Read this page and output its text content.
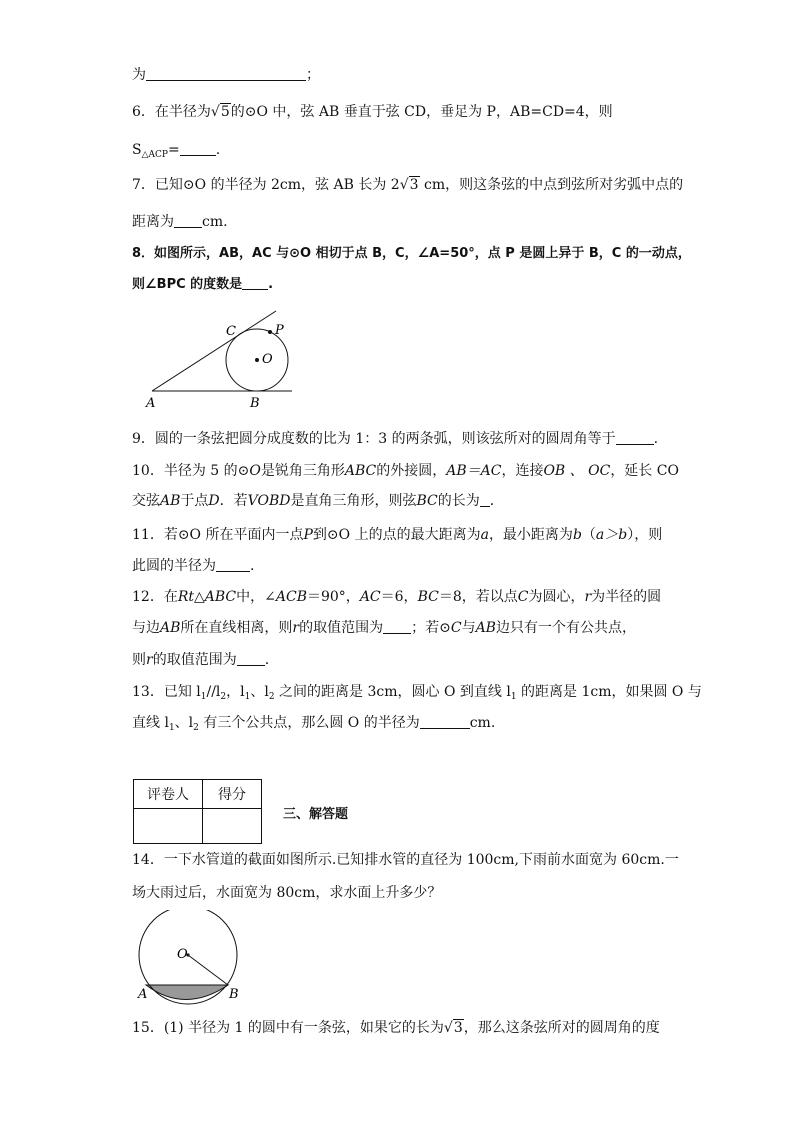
为	；
6．在半径为√5的⊙O 中，弦 AB 垂直于弦 CD，垂足为 P，AB=CD=4，则
$S_{\triangle ACP}=$	.
7．已知⊙O 的半径为 2cm，弦 AB 长为 2√3 cm，则这条弦的中点到弦所对劣弧中点的
距离为 cm.
8．如图所示，AB，AC 与⊙O 相切于点 B，C，∠A=50°，点 P 是圆上异于 B，C 的一动点，
则∠BPC 的度数是 .
A	B
C	P
O
9．圆的一条弦把圆分成度数的比为 1：3 的两条弧，则该弦所对的圆周角等于	.
10．半径为 5 的⊙O是锐角三角形ABC的外接圆，AB＝AC，连接OB 、 OC，延长 CO
交弦AB于点D．若VOBD是直角三角形，则弦BC的长为 ．
11．若⊙O 所在平面内一点P到⊙O 上的点的最大距离为a，最小距离为b（a＞b），则
此圆的半径为 .
12．在Rt△ABC中，∠ACB＝90°，AC＝6，BC＝8，若以点C为圆心，r为半径的圆
与边AB所在直线相离，则r的取值范围为 ；若⊙C与AB边只有一个有公共点，
则r的取值范围为 .
13．已知 $l_1//l_2$，$l_1$、$l_2$ 之间的距离是 3cm，圆心 O 到直线 $l_1$ 的距离是 1cm，如果圆 O 与
直线 $l_1$、$l_2$ 有三个公共点，那么圆 O 的半径为	cm.
评卷人	得分

三、解答题
14．一下水管道的截面如图所示.已知排水管的直径为 100cm,下雨前水面宽为 60cm.一
场大雨过后，水面宽为 80cm，求水面上升多少？
O
A	B
15．(1) 半径为 1 的圆中有一条弦，如果它的长为√3，那么这条弦所对的圆周角的度
